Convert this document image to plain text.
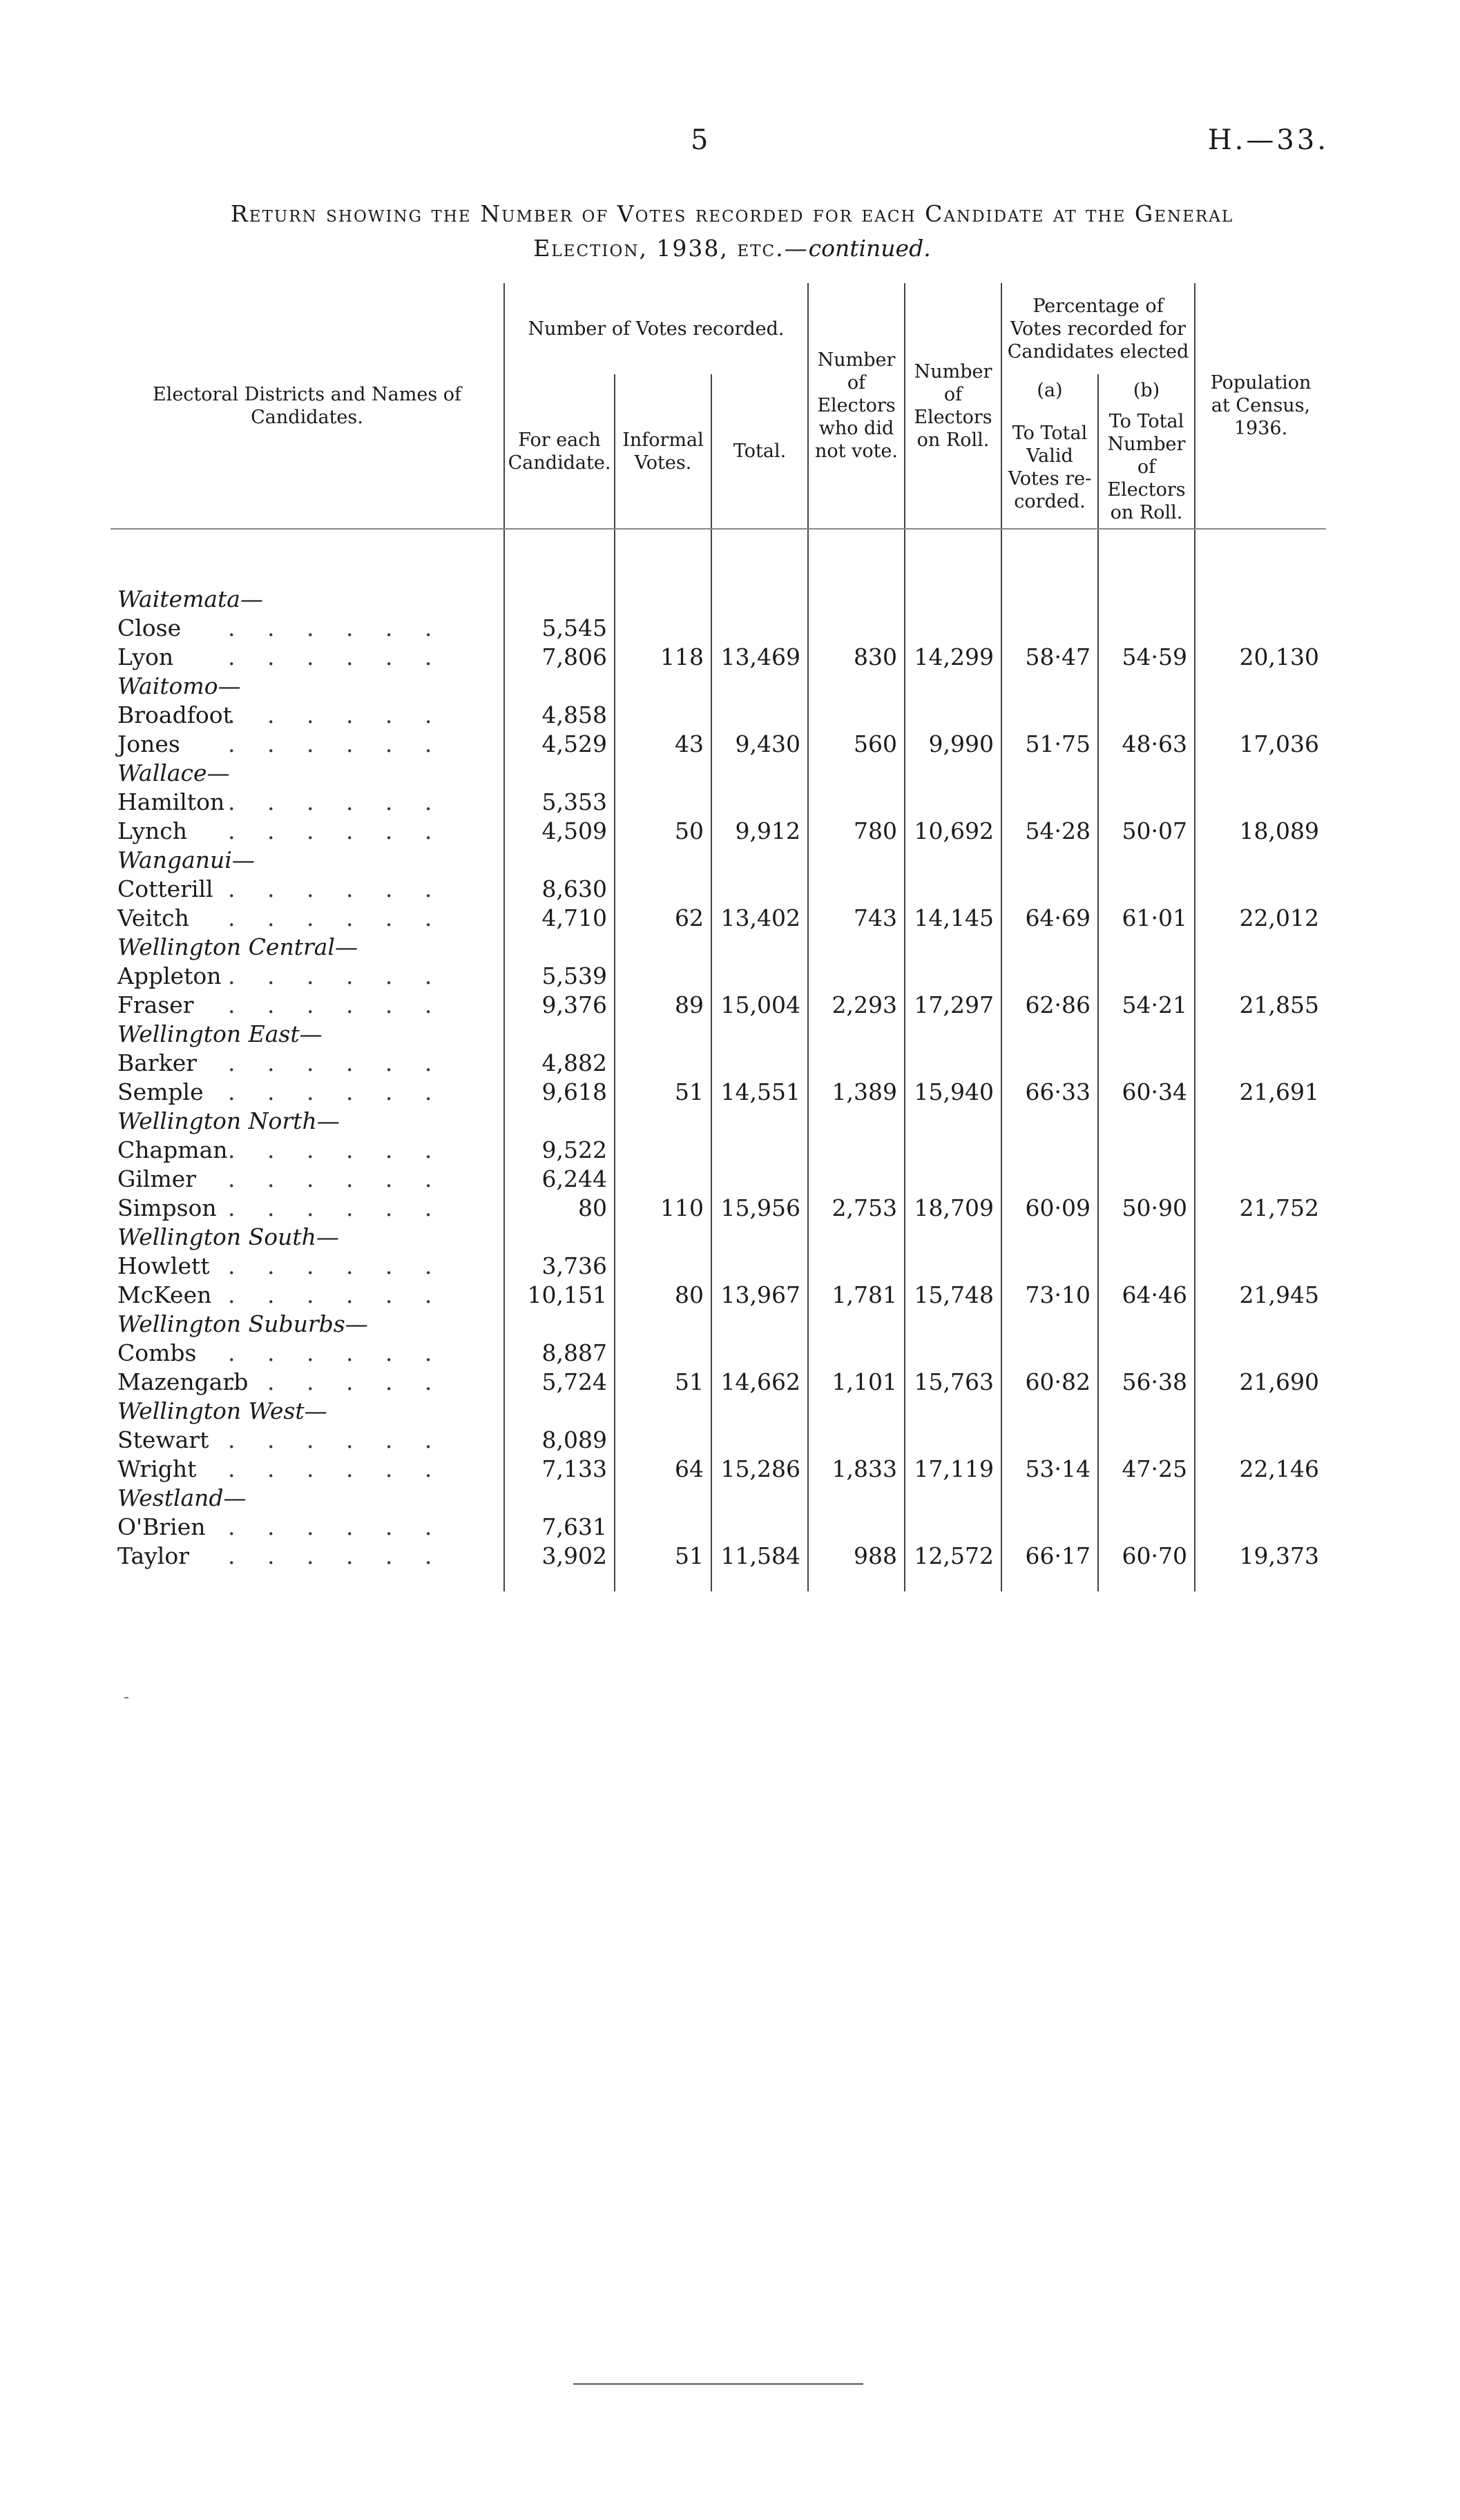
5	H.—33.
Return showing the Number of Votes recorded for each Candidate at the General
Election, 1938, etc.—continued.
Electoral Districts and Names of Candidates.	Number of Votes recorded.			Number of Electors who did not vote.	Number of Electors on Roll.	Percentage of Votes recorded for Candidates elected		Population at Census, 1936.
	For each Candidate.	Informal Votes.	Total.			(a)	(b)	
						To Total Valid Votes re-corded.	To Total Number of Electors on Roll.	

Waitemata—								
Close . . . . . .	5,545							
Lyon . . . . . .	7,806	118	13,469	830	14,299	58·47	54·59	20,130
Waitomo—								
Broadfoot. . . . . .	4,858							
Jones . . . . . .	4,529	43	9,430	560	9,990	51·75	48·63	17,036
Wallace—								
Hamilton . . . . . .	5,353							
Lynch . . . . . .	4,509	50	9,912	780	10,692	54·28	50·07	18,089
Wanganui—								
Cotterill . . . . . .	8,630							
Veitch . . . . . .	4,710	62	13,402	743	14,145	64·69	61·01	22,012
Wellington Central—								
Appleton . . . . . .	5,539							
Fraser . . . . . .	9,376	89	15,004	2,293	17,297	62·86	54·21	21,855
Wellington East—								
Barker . . . . . .	4,882							
Semple . . . . . .	9,618	51	14,551	1,389	15,940	66·33	60·34	21,691
Wellington North—								
Chapman. . . . . .	9,522							
Gilmer . . . . . .	6,244							
Simpson . . . . . .	80	110	15,956	2,753	18,709	60·09	50·90	21,752
Wellington South—								
Howlett . . . . . .	3,736							
McKeen . . . . . .	10,151	80	13,967	1,781	15,748	73·10	64·46	21,945
Wellington Suburbs—								
Combs . . . . . .	8,887							
Mazengarb. . . . . .	5,724	51	14,662	1,101	15,763	60·82	56·38	21,690
Wellington West—								
Stewart . . . . . .	8,089							
Wright . . . . . .	7,133	64	15,286	1,833	17,119	53·14	47·25	22,146
Westland—								
O'Brien . . . . . .	7,631							
Taylor . . . . . .	3,902	51	11,584	988	12,572	66·17	60·70	19,373
